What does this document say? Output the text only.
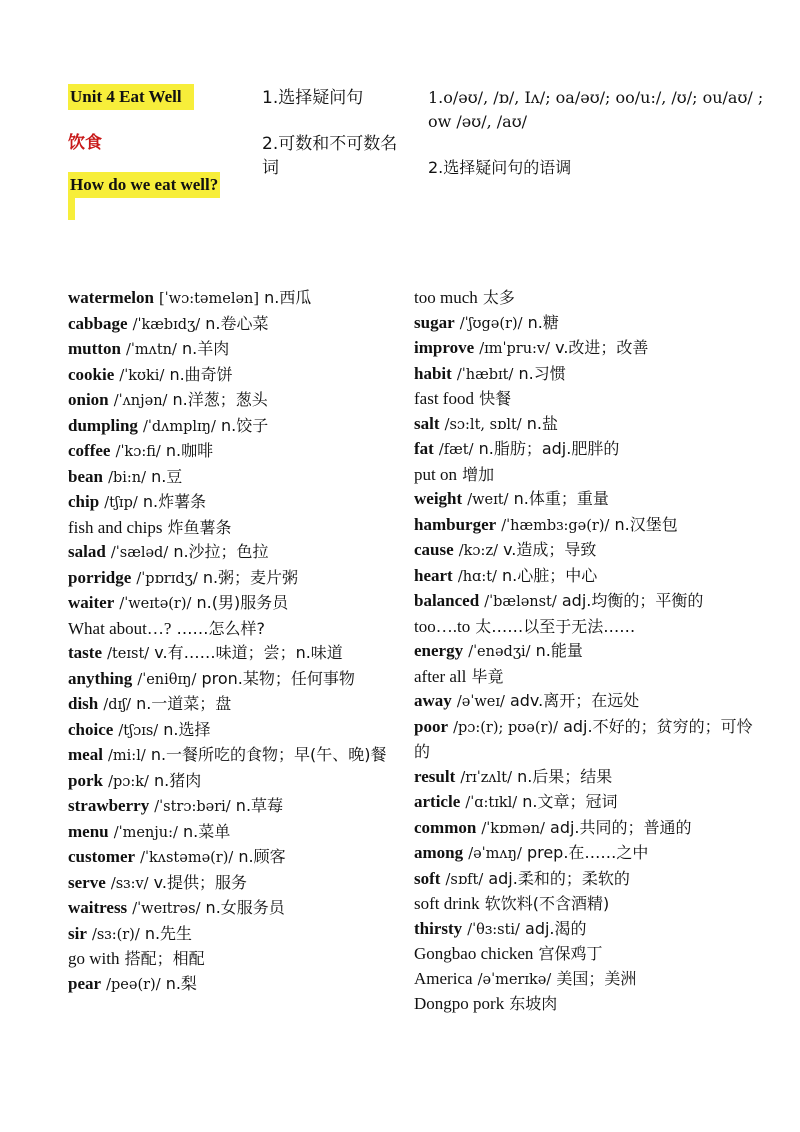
Unit 4 Eat Well
饮食
How do we eat well?
1.选择疑问句
2.可数和不可数名词
1.o/əʊ/, /ɒ/, Iʌ/; oa/əʊ/; oo/u:/, /ʊ/; ou/aʊ/ ; ow /əʊ/, /aʊ/
2.选择疑问句的语调
watermelon [ˈwɔ:təmelən] n.西瓜
cabbage /ˈkæbɪdʒ/ n.卷心菜
mutton /ˈmʌtn/ n.羊肉
cookie /ˈkʊki/ n.曲奇饼
onion /ˈʌnjən/ n.洋葱；葱头
dumpling /ˈdʌmplɪŋ/ n.饺子
coffee /ˈkɔ:fi/ n.咖啡
bean /bi:n/ n.豆
chip /tʃɪp/ n.炸薯条
fish and chips 炸鱼薯条
salad /ˈsæləd/ n.沙拉；色拉
porridge /ˈpɒrɪdʒ/ n.粥；麦片粥
waiter /ˈweɪtə(r)/ n.(男)服务员
What about…? ……怎么样?
taste /teɪst/ v.有……味道；尝；n.味道
anything /ˈeniθɪŋ/ pron.某物；任何事物
dish /dɪʃ/ n.一道菜；盘
choice /tʃɔɪs/ n.选择
meal /mi:l/ n.一餐所吃的食物；早(午、晚)餐
pork /pɔ:k/ n.猪肉
strawberry /ˈstrɔ:bəri/ n.草莓
menu /ˈmenju:/ n.菜单
customer /ˈkʌstəmə(r)/ n.顾客
serve /sɜ:v/ v.提供；服务
waitress /ˈweɪtrəs/ n.女服务员
sir /sɜ:(r)/ n.先生
go with 搭配；相配
pear /peə(r)/ n.梨
too much 太多
sugar /ˈʃʊgə(r)/ n.糖
improve /ɪmˈpru:v/ v.改进；改善
habit /ˈhæbɪt/ n.习惯
fast food 快餐
salt /sɔ:lt, sɒlt/ n.盐
fat /fæt/ n.脂肪；adj.肥胖的
put on 增加
weight /weɪt/ n.体重；重量
hamburger /ˈhæmbɜ:gə(r)/ n.汉堡包
cause /kɔ:z/ v.造成；导致
heart /hɑ:t/ n.心脏；中心
balanced /ˈbælənst/ adj.均衡的；平衡的
too….to 太……以至于无法……
energy /ˈenədʒi/ n.能量
after all 毕竟
away /əˈweɪ/ adv.离开；在远处
poor /pɔ:(r); pʊə(r)/ adj.不好的；贫穷的；可怜的
result /rɪˈzʌlt/ n.后果；结果
article /ˈɑ:tɪkl/ n.文章；冠词
common /ˈkɒmən/ adj.共同的；普通的
among /əˈmʌŋ/ prep.在……之中
soft /sɒft/ adj.柔和的；柔软的
soft drink 软饮料(不含酒精)
thirsty /ˈθɜ:sti/ adj.渴的
Gongbao chicken 宫保鸡丁
America /əˈmerɪkə/ 美国；美洲
Dongpo pork 东坡肉
